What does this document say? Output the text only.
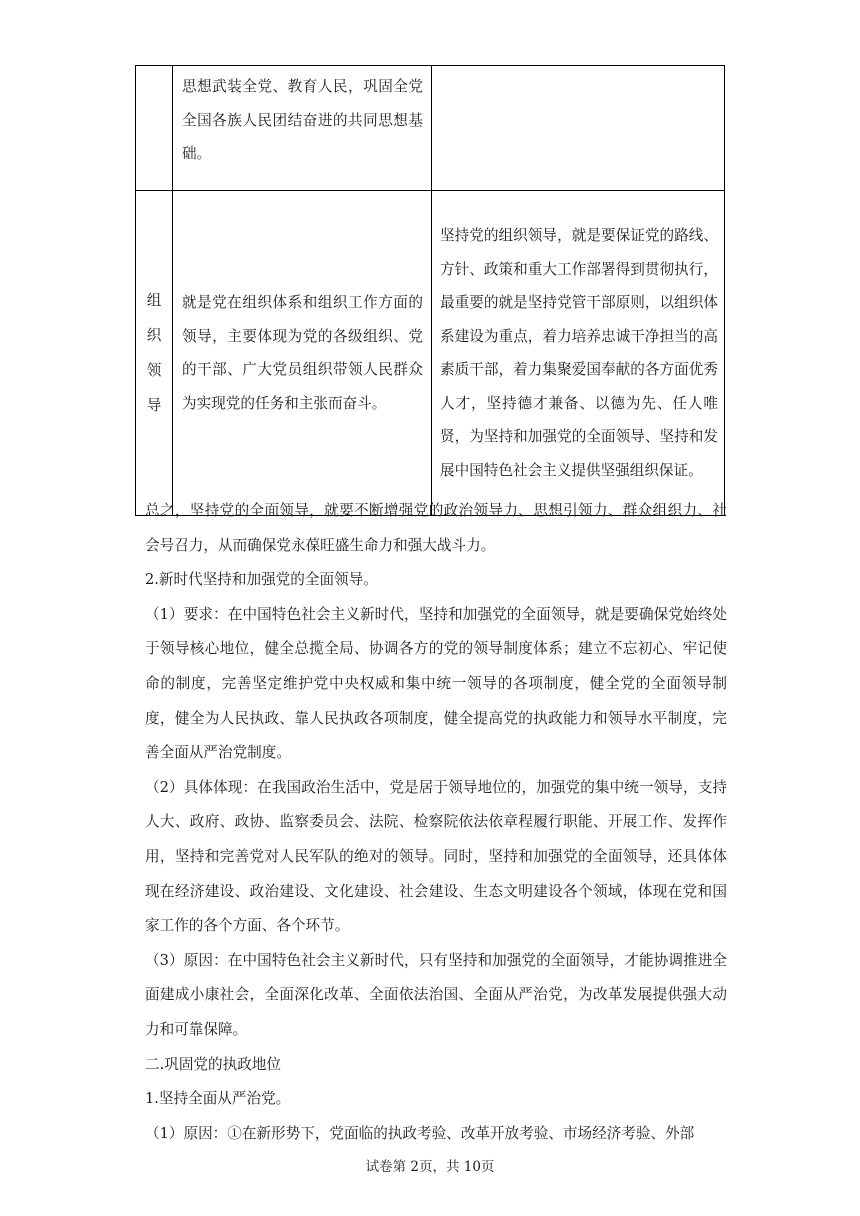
	思想武装全党、教育人民，巩固全党全国各族人民团结奋进的共同思想基础。	

组
织
领
导	就是党在组织体系和组织工作方面的领导，主要体现为党的各级组织、党的干部、广大党员组织带领人民群众为实现党的任务和主张而奋斗。	坚持党的组织领导，就是要保证党的路线、方针、政策和重大工作部署得到贯彻执行，最重要的就是坚持党管干部原则，以组织体系建设为重点，着力培养忠诚干净担当的高素质干部，着力集聚爱国奉献的各方面优秀人才，坚持德才兼备、以德为先、任人唯贤，为坚持和加强党的全面领导、坚持和发展中国特色社会主义提供坚强组织保证。

总之，坚持党的全面领导，就要不断增强党的政治领导力、思想引领力、群众组织力、社会号召力，从而确保党永葆旺盛生命力和强大战斗力。

2.新时代坚持和加强党的全面领导。

（1）要求：在中国特色社会主义新时代，坚持和加强党的全面领导，就是要确保党始终处于领导核心地位，健全总揽全局、协调各方的党的领导制度体系；建立不忘初心、牢记使命的制度，完善坚定维护党中央权威和集中统一领导的各项制度，健全党的全面领导制度，健全为人民执政、靠人民执政各项制度，健全提高党的执政能力和领导水平制度，完善全面从严治党制度。

（2）具体体现：在我国政治生活中，党是居于领导地位的，加强党的集中统一领导，支持人大、政府、政协、监察委员会、法院、检察院依法依章程履行职能、开展工作、发挥作用，坚持和完善党对人民军队的绝对的领导。同时，坚持和加强党的全面领导，还具体体现在经济建设、政治建设、文化建设、社会建设、生态文明建设各个领域，体现在党和国家工作的各个方面、各个环节。

（3）原因：在中国特色社会主义新时代，只有坚持和加强党的全面领导，才能协调推进全面建成小康社会，全面深化改革、全面依法治国、全面从严治党，为改革发展提供强大动力和可靠保障。

二.巩固党的执政地位

1.坚持全面从严治党。

（1）原因：①在新形势下，党面临的执政考验、改革开放考验、市场经济考验、外部

试卷第 2页，共 10页
